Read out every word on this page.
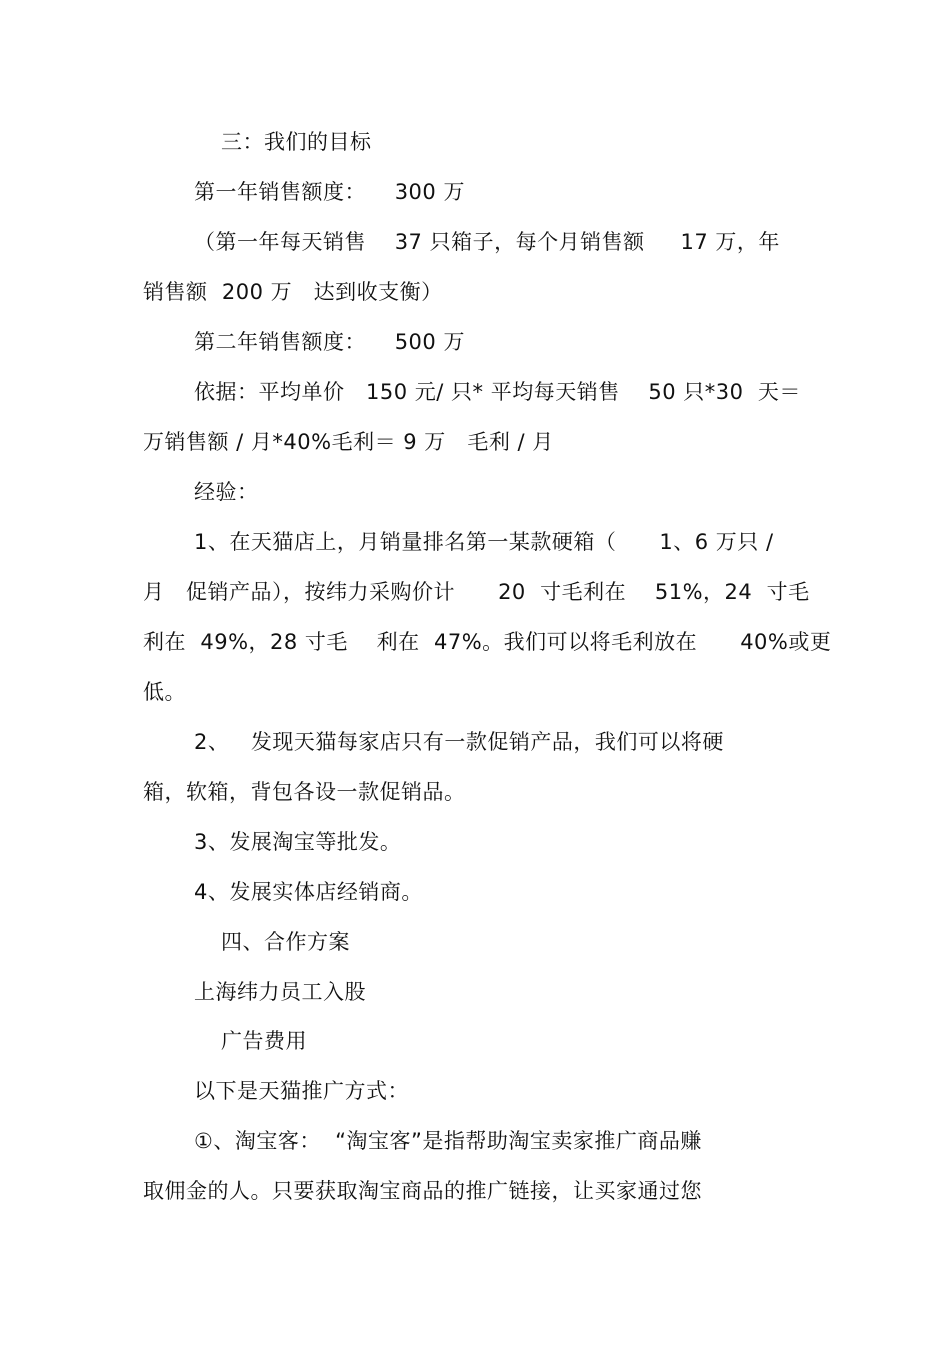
三：我们的目标
第一年销售额度：    300 万
（第一年每天销售    37 只箱子，每个月销售额     17 万，年
销售额  200 万   达到收支衡）
第二年销售额度：    500 万
依据：平均单价   150 元/ 只* 平均每天销售    50 只*30  天＝
万销售额 / 月*40%毛利＝ 9 万   毛利 / 月
经验：
1、在天猫店上，月销量排名第一某款硬箱（      1、6 万只 /
月   促销产品），按纬力采购价计      20  寸毛利在    51%，24  寸毛
利在  49%，28 寸毛    利在  47%。我们可以将毛利放在      40%或更
低。
2、   发现天猫每家店只有一款促销产品，我们可以将硬
箱，软箱，背包各设一款促销品。
3、发展淘宝等批发。
4、发展实体店经销商。
四、合作方案
上海纬力员工入股
广告费用
以下是天猫推广方式：
①、淘宝客：  “淘宝客”是指帮助淘宝卖家推广商品赚
取佣金的人。只要获取淘宝商品的推广链接，让买家通过您
